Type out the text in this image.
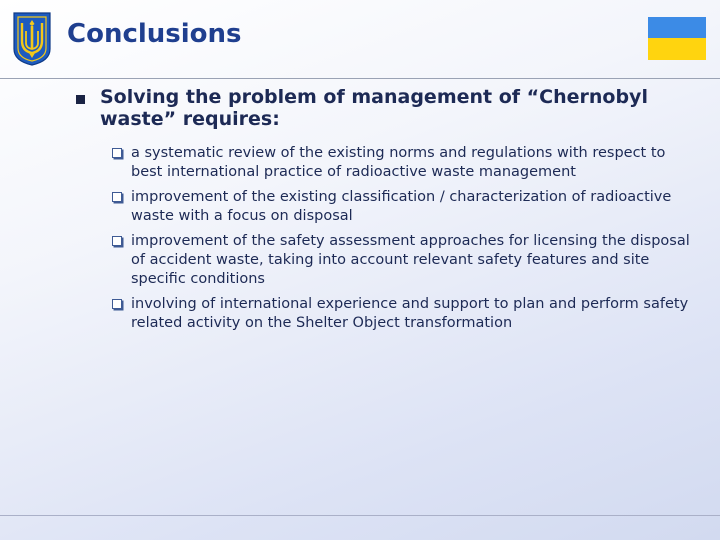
Conclusions
Solving the problem of management of “Chernobyl waste” requires:
a systematic review of the existing norms and regulations with respect to best international practice of radioactive waste management
improvement of the existing classification / characterization of radioactive waste with a focus on disposal
improvement of the safety assessment approaches for licensing the disposal of accident waste, taking into account relevant safety features and site specific conditions
involving of international experience and support to plan and perform safety related activity on the Shelter Object transformation
